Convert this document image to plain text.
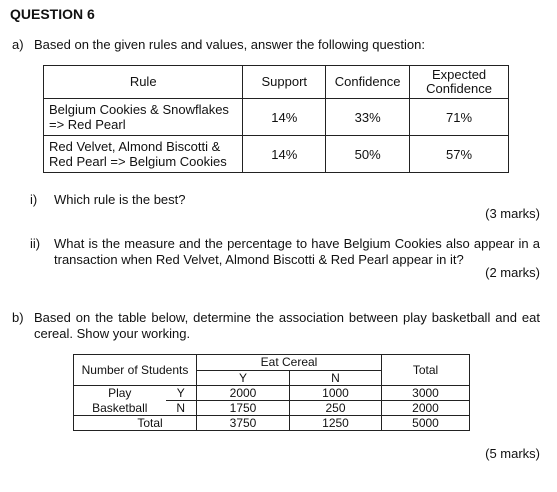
QUESTION 6
a) Based on the given rules and values, answer the following question:
Rule	Support	Confidence	Expected
Confidence
Belgium Cookies & Snowflakes
=> Red Pearl	14%	33%	71%
Red Velvet, Almond Biscotti &
Red Pearl => Belgium Cookies	14%	50%	57%
i) Which rule is the best?
(3 marks)
ii) What is the measure and the percentage to have Belgium Cookies also appear in a transaction when Red Velvet, Almond Biscotti & Red Pearl appear in it?
(2 marks)
b) Based on the table below, determine the association between play basketball and eat cereal. Show your working.
Number of Students		Eat Cereal		Total
		Y	N	
Play	Y	2000	1000	3000
Basketball	N	1750	250	2000
Total		3750	1250	5000
(5 marks)
